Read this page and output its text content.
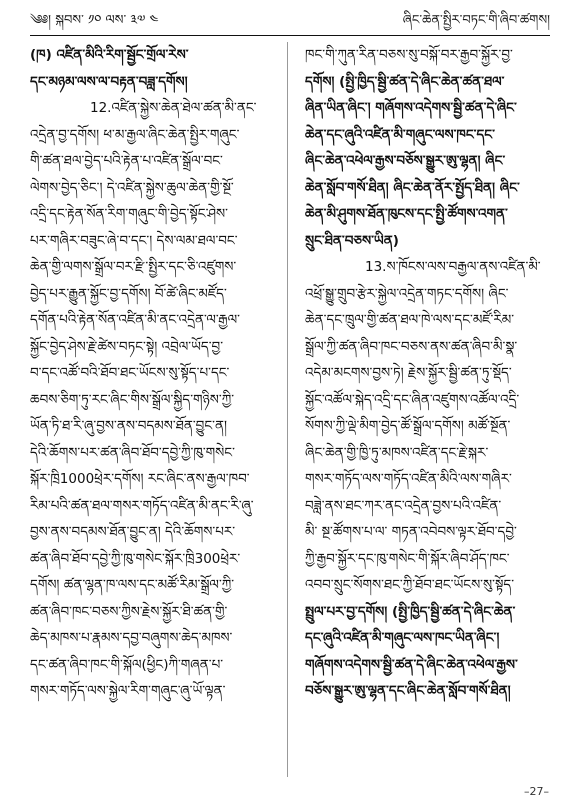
༄༅། སྐབས་ ༡༠ ལས་ ༣༧ ༤	ཞིང་ཆེན་སྤྱིར་བཏང་གི་ཞིབ་ཚགས།
(ཁ) འཛིན་མིའི་རིག་སྦྱོང་གྲོལ་རེས་
དང་མཉམ་ལས་ལ་བརྟན་བཟླ་དགོས།
12.འཛིན་སྐྱེས་ཆེན་ཐེལ་ཚན་མི་ནང་
འདྲེན་བྱ་དགོས། ཕ་མ་རྒྱལ་ཞིང་ཆེན་སྤྱིར་གཞུང་
གི་ཚན་ཐལ་བྱེད་པའི་རྟེན་པ་འཛིན་སྒྲོལ་བང་
ལེགས་བྱེད་ཅིང་། དེ་འཛིན་སྐྱེས་ཆུལ་ཆེན་གྱི་སྔོ་
འདྲི་དང་རྟེན་སོན་རིག་གཞུང་གི་བྱེད་སྟོང་ཤེས་
པར་གཞིར་བཟུང་ཞེ་བ་དང་། དེས་ལམ་ཐལ་བང་
ཆེན་གྱི་ལགས་སྒྲོལ་བར་རྫི་སྤྱིར་དང་ཅི་འཛུགས་
བྱེད་པར་རྒྱུན་སྐྱོང་བྱ་དགོས། བོ་ཚེ་ཞིང་མཛོད་
དགོན་པའི་རྟེན་སོན་འཛིན་མི་ནང་འདྲེན་ལ་རྒྱལ་
སྐྱོང་བྱེད་ཤེས་རྗེ་ཚེས་བཏང་སྟེ། འབྲེལ་ཡོད་བྱ་
བ་དང་འཚོ་བའི་ཐོབ་ཐང་ཡོངས་སུ་སྟོད་པ་དང་
ཆབས་ཅིག་ཏུ་རང་ཞིང་གིས་སྒྲོལ་སྐྱིད་གཉིས་ཀྱི་
ཡོན་ཏི་ཐ་རི་ཞུ་བྱས་ནས་བདམས་ཐོན་བྱུང་ན།
དེའི་ཆོགས་པར་ཚན་ཞིབ་ཐོབ་དབྱེ་ཀྱི་ཁུ་གསེང་
སྐོར་ཁྲི1000ཕྲེར་དགོས། རང་ཞིང་ནས་རྒྱལ་ཁབ་
རིམ་པའི་ཚན་ཐལ་གསར་གཏོད་འཛིན་མི་ནང་རི་ཞུ་
བྱས་ནས་བདམས་ཐོན་བྱུང་ན། དེའི་ཆོགས་པར་
ཚན་ཞིབ་ཐོབ་དབྱེ་ཀྱི་ཁུ་གསེང་སྐོར་ཁྲི300ཕྲེར་
དགོས། ཚན་ལྷན་ཁ་ལས་དང་མཚོ་རིམ་སྒྲོལ་ཀྱི་
ཚན་ཞིབ་ཁང་བཅས་ཀྱིས་རྗེས་སྐྱོར་ཐི་ཚན་གྱི་
ཆེད་མཁས་པ་རྣམས་དབྱ་བཞུགས་ཆེད་མཁས་
དང་ཚན་ཞིབ་ཁང་གི་སྐོལ(ཕྱིང)ཀི་གཞན་པ་
གསར་གཏོད་ལས་སྐྱེལ་རིག་གཞུང་ཞུ་ཡོ་ལྟན་
ཁང་གི་ཀུན་རིན་བཅས་སུ་བསྐོ་བར་རྒྱབ་སྐྱོར་བྱ་
དགོས། (སྤྱི་ཁྱིད་སྦྱི་ཚན་དེ་ཞིང་ཆེན་ཚན་ཐལ་
ཞིན་ཡིན་ཞིང་། གཞོགས་འདེགས་སྦྱི་ཚན་དེ་ཞིང་
ཆེན་དང་ཞུའི་འཛིན་མི་གཞུང་ལས་ཁང་དང་
ཞིང་ཆེན་འཕེལ་རྒྱས་བཅོས་སྒྱུར་ཨུ་ལྷན། ཞིང་
ཆེན་སློབ་གསོ་ཐིན། ཞིང་ཆེན་ནོར་སྤྱོད་ཐིན། ཞིང་
ཆེན་མི་ཤུགས་ཐོན་ཁུངས་དང་སྤྱི་ཚོགས་འགན་
སྲུང་ཐིན་བཅས་ཡིན)
13.ས་ཁོངས་ལས་བརྒྱལ་ནས་འཛིན་མི་
འཕྲོ་སྒྱུ་གྲུབ་རྩེར་སྐྱེལ་འདྲེན་གཏང་དགོས། ཞིང་
ཆེན་དང་ཁྲུལ་གྱི་ཚན་ཐལ་ཁེ་ལས་དང་མཛོ་རིམ་
སྒྲོལ་ཀྱི་ཚན་ཞིབ་ཁང་བཅས་ནས་ཚན་ཞིབ་མི་སྣ་
འདེམ་མངགས་བྱས་ཏེ། རྗེས་སྐྱོར་སྦྱི་ཚན་ཏུ་སྡོད་
སྐྱོང་འཚོལ་སྐེད་འདྲི་དང་ཞིན་འཛུགས་འཚོལ་འདྲི་
སོགས་ཀྱི་ལྡེ་མིག་བྱེད་ཚོ་སྒྲོལ་དགོས། མཚོ་སྔོན་
ཞིང་ཆེན་གྱི་ཁྱི་ཏུ་མཁས་འཛིན་དང་རྗེ་སྐར་
གསར་གཏོད་ལས་གཏོད་འཛིན་མིའི་ལས་གཞིར་
བཟླེ་ནས་ཐང་ཀར་ནང་འདྲེན་བྱས་པའི་འཛིན་
མི་ སྔ་ཚོགས་པ་ལ་ གཏན་འབེབས་ལྟར་ཐོབ་དབྱེ་
ཀྱི་རྒྱབ་སྐྱོར་དང་ཁུ་གསེང་གི་སྐོར་ཞིབ་ཤོད་ཁང་
འབབ་སྲུང་སོགས་ཐང་ཀྱི་ཐོབ་ཐང་ཡོངས་སུ་སྟོད་
སྤྲུལ་པར་བྱ་དགོས། (སྤྱི་ཁྱིད་སྦྱི་ཚན་དེ་ཞིང་ཆེན་
དང་ཞུའི་འཛིན་མི་གཞུང་ལས་ཁང་ཡིན་ཞིང་།
གཞོགས་འདེགས་སྦྱི་ཚན་དེ་ཞིང་ཆེན་འཕེལ་རྒྱས་
བཅོས་སྒྱུར་ཨུ་ལྷན་དང་ཞིང་ཆེན་སློབ་གསོ་ཐིན།
–27–
